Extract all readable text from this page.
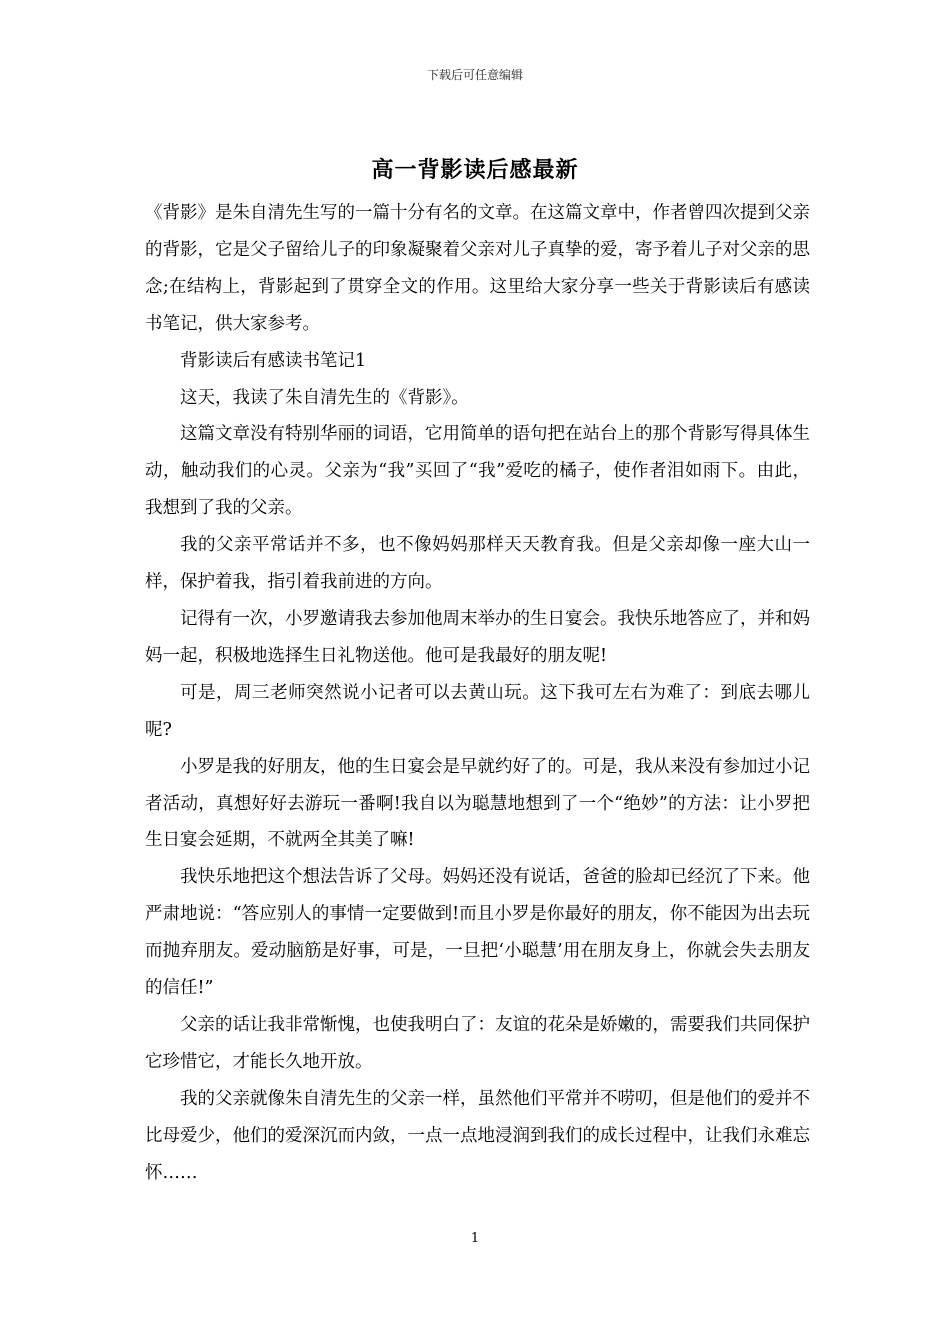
下载后可任意编辑
高一背影读后感最新

《背影》是朱自清先生写的一篇十分有名的文章。在这篇文章中，作者曾四次提到父亲的背影，它是父子留给儿子的印象凝聚着父亲对儿子真挚的爱，寄予着儿子对父亲的思念;在结构上，背影起到了贯穿全文的作用。这里给大家分享一些关于背影读后有感读书笔记，供大家参考。

背影读后有感读书笔记1

这天，我读了朱自清先生的《背影》。

这篇文章没有特别华丽的词语，它用简单的语句把在站台上的那个背影写得具体生动，触动我们的心灵。父亲为“我”买回了“我”爱吃的橘子，使作者泪如雨下。由此，我想到了我的父亲。

我的父亲平常话并不多，也不像妈妈那样天天教育我。但是父亲却像一座大山一样，保护着我，指引着我前进的方向。

记得有一次，小罗邀请我去参加他周末举办的生日宴会。我快乐地答应了，并和妈妈一起，积极地选择生日礼物送他。他可是我最好的朋友呢!

可是，周三老师突然说小记者可以去黄山玩。这下我可左右为难了：到底去哪儿呢?

小罗是我的好朋友，他的生日宴会是早就约好了的。可是，我从来没有参加过小记者活动，真想好好去游玩一番啊!我自以为聪慧地想到了一个“绝妙”的方法：让小罗把生日宴会延期，不就两全其美了嘛!

我快乐地把这个想法告诉了父母。妈妈还没有说话，爸爸的脸却已经沉了下来。他严肃地说：“答应别人的事情一定要做到!而且小罗是你最好的朋友，你不能因为出去玩而抛弃朋友。爱动脑筋是好事，可是，一旦把‘小聪慧’用在朋友身上，你就会失去朋友的信任!”

父亲的话让我非常惭愧，也使我明白了：友谊的花朵是娇嫩的，需要我们共同保护它珍惜它，才能长久地开放。

我的父亲就像朱自清先生的父亲一样，虽然他们平常并不唠叨，但是他们的爱并不比母爱少，他们的爱深沉而内敛，一点一点地浸润到我们的成长过程中，让我们永难忘怀……

1
